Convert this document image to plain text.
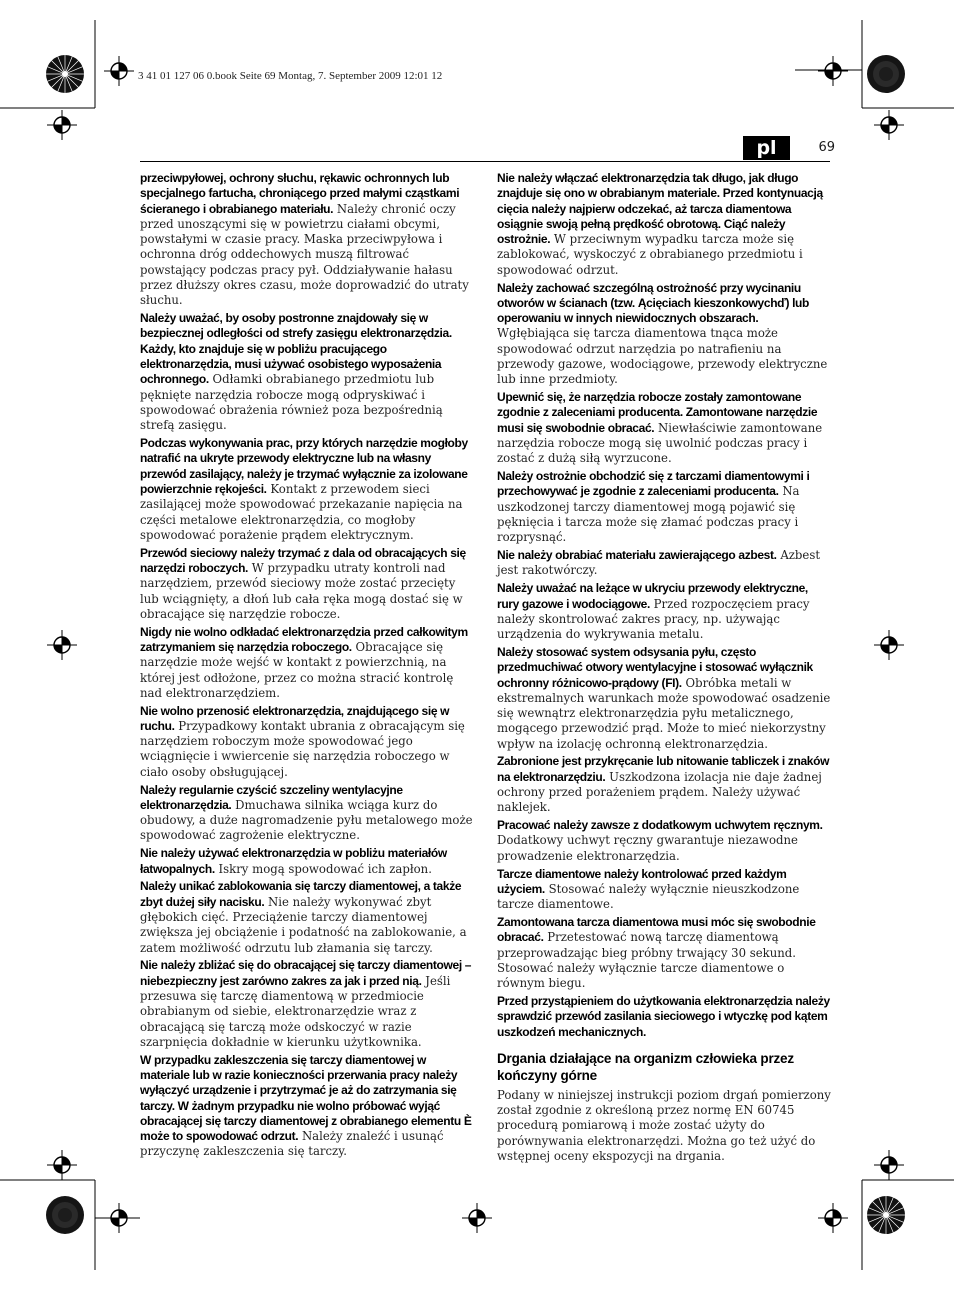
3 41 01 127 06 0.book Seite 69 Montag, 7. September 2009 12:01 12
pl	69

przeciwpyłowej, ochrony słuchu, rękawic ochronnych lub specjalnego fartucha, chroniącego przed małymi cząstkami ścieranego i obrabianego materiału. Należy chronić oczy przed unoszącymi się w powietrzu ciałami obcymi, powstałymi w czasie pracy. Maska przeciwpyłowa i ochronna dróg oddechowych muszą filtrować powstający podczas pracy pył. Oddziaływanie hałasu przez dłuższy okres czasu, może doprowadzić do utraty słuchu.

Należy uważać, by osoby postronne znajdowały się w bezpiecznej odległości od strefy zasięgu elektronarzędzia. Każdy, kto znajduje się w pobliżu pracującego elektronarzędzia, musi używać osobistego wyposażenia ochronnego. Odłamki obrabianego przedmiotu lub pęknięte narzędzia robocze mogą odpryskiwać i spowodować obrażenia również poza bezpośrednią strefą zasięgu.

Podczas wykonywania prac, przy których narzędzie mogłoby natrafić na ukryte przewody elektryczne lub na własny przewód zasilający, należy je trzymać wyłącznie za izolowane powierzchnie rękojeści. Kontakt z przewodem sieci zasilającej może spowodować przekazanie napięcia na części metalowe elektronarzędzia, co mogłoby spowodować porażenie prądem elektrycznym.

Przewód sieciowy należy trzymać z dala od obracających się narzędzi roboczych. W przypadku utraty kontroli nad narzędziem, przewód sieciowy może zostać przecięty lub wciągnięty, a dłoń lub cała ręka mogą dostać się w obracające się narzędzie robocze.

Nigdy nie wolno odkładać elektronarzędzia przed całkowitym zatrzymaniem się narzędzia roboczego. Obracające się narzędzie może wejść w kontakt z powierzchnią, na której jest odłożone, przez co można stracić kontrolę nad elektronarzędziem.

Nie wolno przenosić elektronarzędzia, znajdującego się w ruchu. Przypadkowy kontakt ubrania z obracającym się narzędziem roboczym może spowodować jego wciągnięcie i wwiercenie się narzędzia roboczego w ciało osoby obsługującej.

Należy regularnie czyścić szczeliny wentylacyjne elektronarzędzia. Dmuchawa silnika wciąga kurz do obudowy, a duże nagromadzenie pyłu metalowego może spowodować zagrożenie elektryczne.

Nie należy używać elektronarzędzia w pobliżu materiałów łatwopalnych. Iskry mogą spowodować ich zapłon.

Należy unikać zablokowania się tarczy diamentowej, a także zbyt dużej siły nacisku. Nie należy wykonywać zbyt głębokich cięć. Przeciążenie tarczy diamentowej zwiększa jej obciążenie i podatność na zablokowanie, a zatem możliwość odrzutu lub złamania się tarczy.

Nie należy zbliżać się do obracającej się tarczy diamentowej – niebezpieczny jest zarówno zakres za jak i przed nią. Jeśli przesuwa się tarczę diamentową w przedmiocie obrabianym od siebie, elektronarzędzie wraz z obracającą się tarczą może odskoczyć w razie szarpnięcia dokładnie w kierunku użytkownika.

W przypadku zakleszczenia się tarczy diamentowej w materiale lub w razie konieczności przerwania pracy należy wyłączyć urządzenie i przytrzymać je aż do zatrzymania się tarczy. W żadnym przypadku nie wolno próbować wyjąć obracającej się tarczy diamentowej z obrabianego elementu È może to spowodować odrzut. Należy znaleźć i usunąć przyczynę zakleszczenia się tarczy.

Nie należy włączać elektronarzędzia tak długo, jak długo znajduje się ono w obrabianym materiale. Przed kontynuacją cięcia należy najpierw odczekać, aż tarcza diamentowa osiągnie swoją pełną prędkość obrotową. Ciąć należy ostrożnie. W przeciwnym wypadku tarcza może się zablokować, wyskoczyć z obrabianego przedmiotu i spowodować odrzut.

Należy zachować szczególną ostrożność przy wycinaniu otworów w ścianach (tzw. Ącięciach kieszonkowychď) lub operowaniu w innych niewidocznych obszarach. Wgłębiająca się tarcza diamentowa tnąca może spowodować odrzut narzędzia po natrafieniu na przewody gazowe, wodociągowe, przewody elektryczne lub inne przedmioty.

Upewnić się, że narzędzia robocze zostały zamontowane zgodnie z zaleceniami producenta. Zamontowane narzędzie musi się swobodnie obracać. Niewłaściwie zamontowane narzędzia robocze mogą się uwolnić podczas pracy i zostać z dużą siłą wyrzucone.

Należy ostrożnie obchodzić się z tarczami diamentowymi i przechowywać je zgodnie z zaleceniami producenta. Na uszkodzonej tarczy diamentowej mogą pojawić się pęknięcia i tarcza może się złamać podczas pracy i rozprysnąć.

Nie należy obrabiać materiału zawierającego azbest. Azbest jest rakotwórczy.

Należy uważać na leżące w ukryciu przewody elektryczne, rury gazowe i wodociągowe. Przed rozpoczęciem pracy należy skontrolować zakres pracy, np. używając urządzenia do wykrywania metalu.

Należy stosować system odsysania pyłu, często przedmuchiwać otwory wentylacyjne i stosować wyłącznik ochronny różnicowo-prądowy (FI). Obróbka metali w ekstremalnych warunkach może spowodować osadzenie się wewnątrz elektronarzędzia pyłu metalicznego, mogącego przewodzić prąd. Może to mieć niekorzystny wpływ na izolację ochronną elektronarzędzia.

Zabronione jest przykręcanie lub nitowanie tabliczek i znaków na elektronarzędziu. Uszkodzona izolacja nie daje żadnej ochrony przed porażeniem prądem. Należy używać naklejek.

Pracować należy zawsze z dodatkowym uchwytem ręcznym. Dodatkowy uchwyt ręczny gwarantuje niezawodne prowadzenie elektronarzędzia.

Tarcze diamentowe należy kontrolować przed każdym użyciem. Stosować należy wyłącznie nieuszkodzone tarcze diamentowe.

Zamontowana tarcza diamentowa musi móc się swobodnie obracać. Przetestować nową tarczę diamentową przeprowadzając bieg próbny trwający 30 sekund. Stosować należy wyłącznie tarcze diamentowe o równym biegu.

Przed przystąpieniem do użytkowania elektronarzędzia należy sprawdzić przewód zasilania sieciowego i wtyczkę pod kątem uszkodzeń mechanicznych.

Drgania działające na organizm człowieka przez kończyny górne

Podany w niniejszej instrukcji poziom drgań pomierzony został zgodnie z określoną przez normę EN 60745 procedurą pomiarową i może zostać użyty do porównywania elektronarzędzi. Można go też użyć do wstępnej oceny ekspozycji na drgania.
